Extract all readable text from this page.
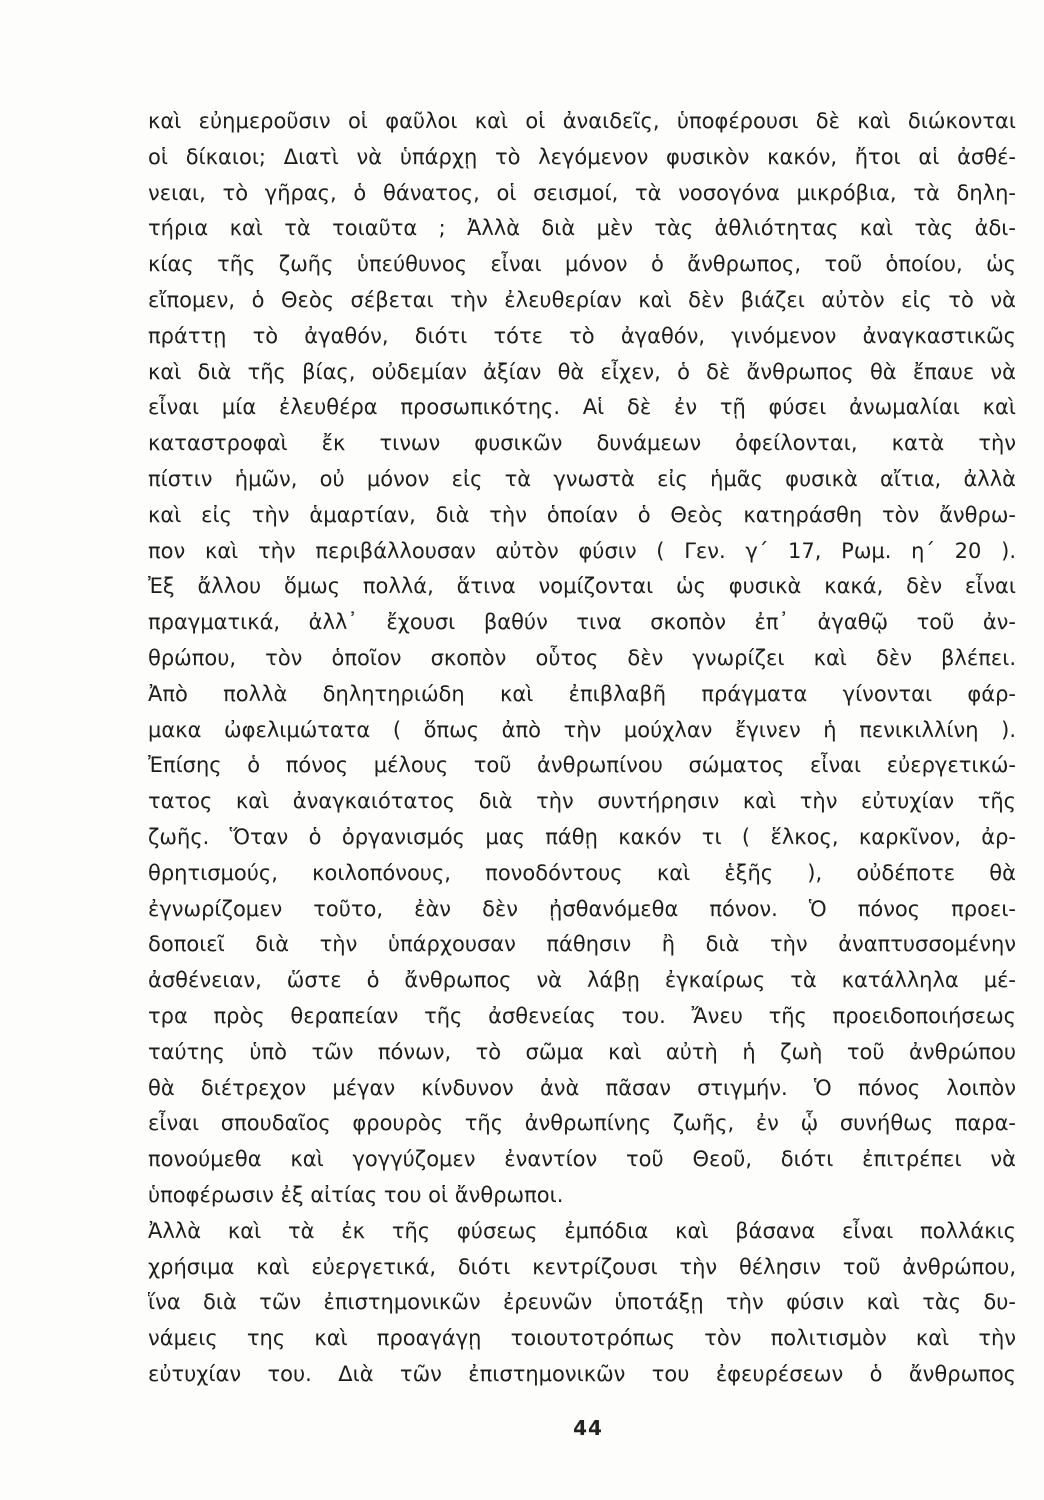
καὶ εὐημεροῦσιν οἱ φαῦλοι καὶ οἱ ἀναιδεῖς, ὑποφέρουσι δὲ καὶ διώκονται
οἱ δίκαιοι; Διατὶ νὰ ὑπάρχῃ τὸ λεγόμενον φυσικὸν κακόν, ἤτοι αἱ ἀσθέ-
νειαι, τὸ γῆρας, ὁ θάνατος, οἱ σεισμοί, τὰ νοσογόνα μικρόβια, τὰ δηλη-
τήρια καὶ τὰ τοιαῦτα ; Ἀλλὰ διὰ μὲν τὰς ἀθλιότητας καὶ τὰς ἀδι-
κίας τῆς ζωῆς ὑπεύθυνος εἶναι μόνον ὁ ἄνθρωπος, τοῦ ὁποίου, ὡς
εἴπομεν, ὁ Θεὸς σέβεται τὴν ἐλευθερίαν καὶ δὲν βιάζει αὐτὸν εἰς τὸ νὰ
πράττῃ τὸ ἀγαθόν, διότι τότε τὸ ἀγαθόν, γινόμενον ἀναγκαστικῶς
καὶ διὰ τῆς βίας, οὐδεμίαν ἀξίαν θὰ εἶχεν, ὁ δὲ ἄνθρωπος θὰ ἔπαυε νὰ
εἶναι μία ἐλευθέρα προσωπικότης. Αἱ δὲ ἐν τῇ φύσει ἀνωμαλίαι καὶ
καταστροφαὶ ἔκ τινων φυσικῶν δυνάμεων ὀφείλονται, κατὰ τὴν
πίστιν ἡμῶν, οὐ μόνον εἰς τὰ γνωστὰ εἰς ἡμᾶς φυσικὰ αἴτια, ἀλλὰ
καὶ εἰς τὴν ἁμαρτίαν, διὰ τὴν ὁποίαν ὁ Θεὸς κατηράσθη τὸν ἄνθρω-
πον καὶ τὴν περιβάλλουσαν αὐτὸν φύσιν ( Γεν. γ΄ 17, Ρωμ. η΄ 20 ).
Ἐξ ἄλλου ὅμως πολλά, ἅτινα νομίζονται ὡς φυσικὰ κακά, δὲν εἶναι
πραγματικά, ἀλλ᾽ ἔχουσι βαθύν τινα σκοπὸν ἐπ᾽ ἀγαθῷ τοῦ ἀν-
θρώπου, τὸν ὁποῖον σκοπὸν οὗτος δὲν γνωρίζει καὶ δὲν βλέπει.
Ἀπὸ πολλὰ δηλητηριώδη καὶ ἐπιβλαβῆ πράγματα γίνονται φάρ-
μακα ὠφελιμώτατα ( ὅπως ἀπὸ τὴν μούχλαν ἔγινεν ἡ πενικιλλίνη ).
Ἐπίσης ὁ πόνος μέλους τοῦ ἀνθρωπίνου σώματος εἶναι εὐεργετικώ-
τατος καὶ ἀναγκαιότατος διὰ τὴν συντήρησιν καὶ τὴν εὐτυχίαν τῆς
ζωῆς. Ὅταν ὁ ὀργανισμός μας πάθῃ κακόν τι ( ἕλκος, καρκῖνον, ἀρ-
θρητισμούς, κοιλοπόνους, πονοδόντους καὶ ἑξῆς ), οὐδέποτε θὰ
ἐγνωρίζομεν τοῦτο, ἐὰν δὲν ᾐσθανόμεθα πόνον. Ὁ πόνος προει-
δοποιεῖ διὰ τὴν ὑπάρχουσαν πάθησιν ἢ διὰ τὴν ἀναπτυσσομένην
ἀσθένειαν, ὥστε ὁ ἄνθρωπος νὰ λάβῃ ἐγκαίρως τὰ κατάλληλα μέ-
τρα πρὸς θεραπείαν τῆς ἀσθενείας του. Ἄνευ τῆς προειδοποιήσεως
ταύτης ὑπὸ τῶν πόνων, τὸ σῶμα καὶ αὐτὴ ἡ ζωὴ τοῦ ἀνθρώπου
θὰ διέτρεχον μέγαν κίνδυνον ἀνὰ πᾶσαν στιγμήν. Ὁ πόνος λοιπὸν
εἶναι σπουδαῖος φρουρὸς τῆς ἀνθρωπίνης ζωῆς, ἐν ᾧ συνήθως παρα-
πονούμεθα καὶ γογγύζομεν ἐναντίον τοῦ Θεοῦ, διότι ἐπιτρέπει νὰ
ὑποφέρωσιν ἐξ αἰτίας του οἱ ἄνθρωποι.
Ἀλλὰ καὶ τὰ ἐκ τῆς φύσεως ἐμπόδια καὶ βάσανα εἶναι πολλάκις
χρήσιμα καὶ εὐεργετικά, διότι κεντρίζουσι τὴν θέλησιν τοῦ ἀνθρώπου,
ἵνα διὰ τῶν ἐπιστημονικῶν ἐρευνῶν ὑποτάξῃ τὴν φύσιν καὶ τὰς δυ-
νάμεις της καὶ προαγάγῃ τοιουτοτρόπως τὸν πολιτισμὸν καὶ τὴν
εὐτυχίαν του. Διὰ τῶν ἐπιστημονικῶν του ἐφευρέσεων ὁ ἄνθρωπος
44
